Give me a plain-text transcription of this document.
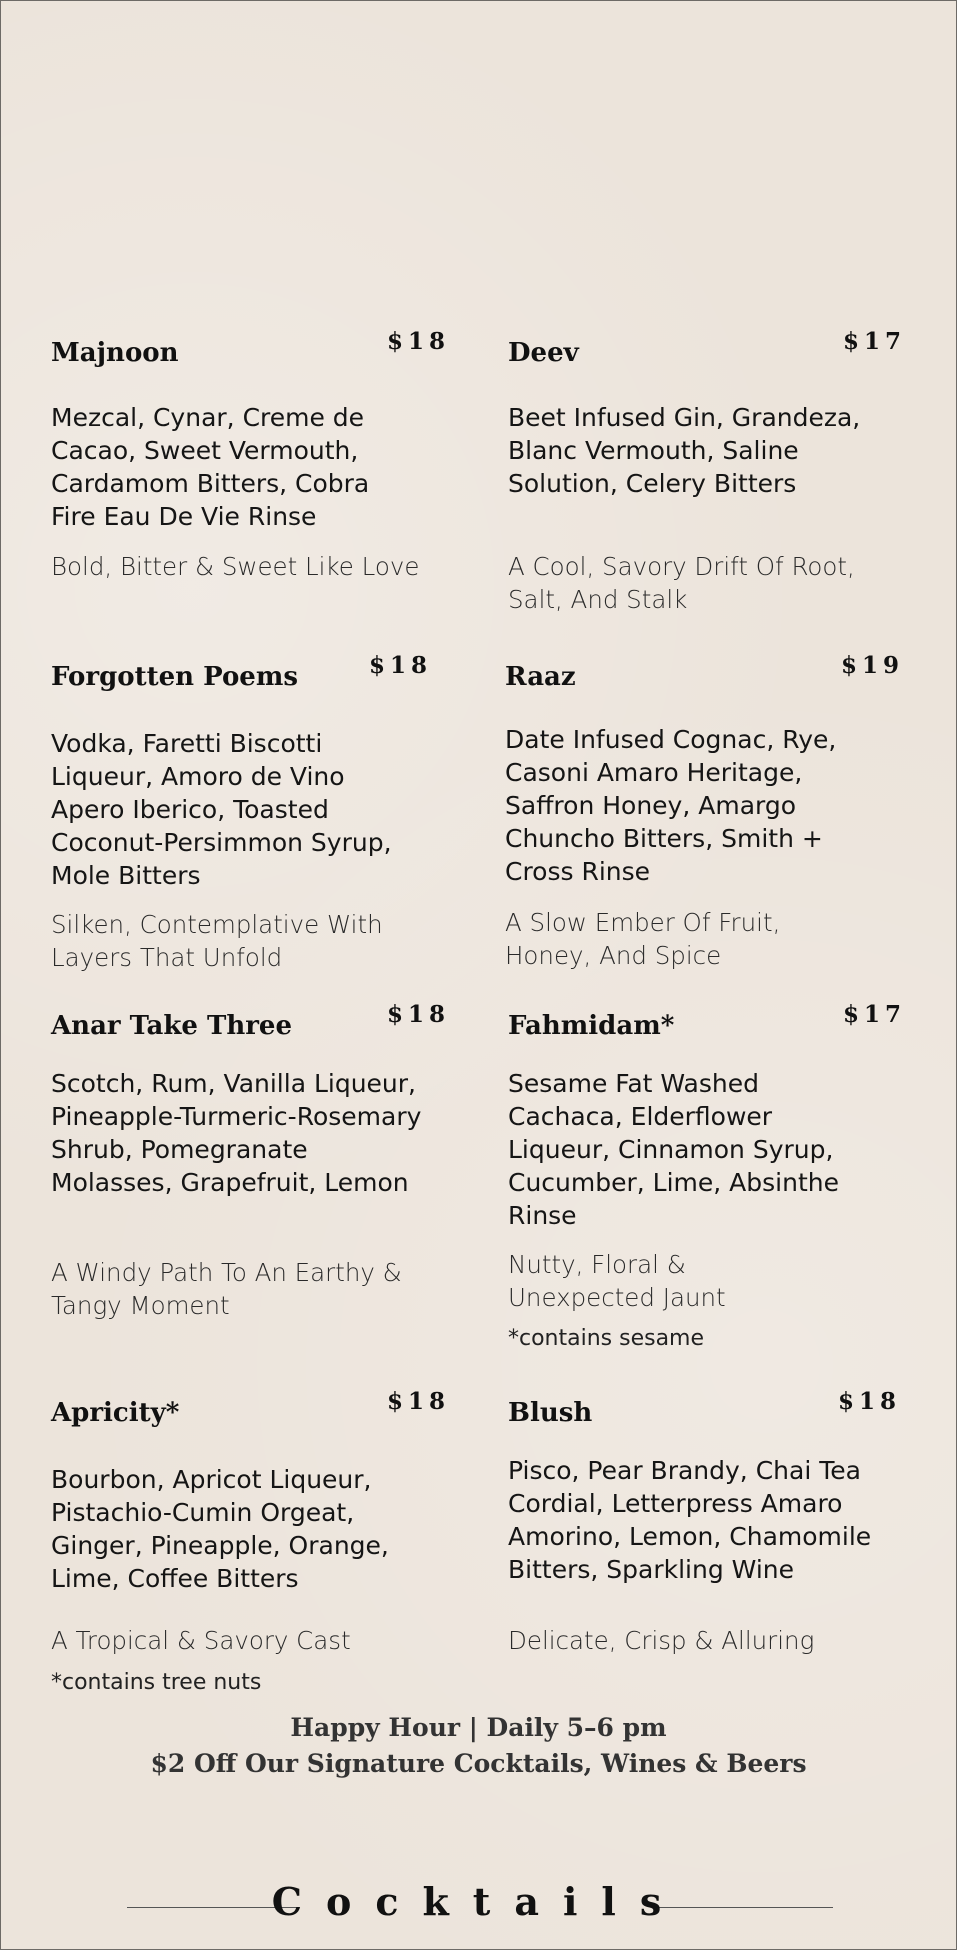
Majnoon	$18
Mezcal, Cynar, Creme de Cacao, Sweet Vermouth, Cardamom Bitters, Cobra Fire Eau De Vie Rinse
Bold, Bitter & Sweet Like Love
Deev	$17
Beet Infused Gin, Grandeza, Blanc Vermouth, Saline Solution, Celery Bitters
A Cool, Savory Drift Of Root, Salt, And Stalk
Forgotten Poems	$18
Vodka, Faretti Biscotti Liqueur, Amoro de Vino Apero Iberico, Toasted Coconut-Persimmon Syrup, Mole Bitters
Silken, Contemplative With Layers That Unfold
Raaz	$19
Date Infused Cognac, Rye, Casoni Amaro Heritage, Saffron Honey, Amargo Chuncho Bitters, Smith + Cross Rinse
A Slow Ember Of Fruit, Honey, And Spice
Anar Take Three	$18
Scotch, Rum, Vanilla Liqueur, Pineapple-Turmeric-Rosemary Shrub, Pomegranate Molasses, Grapefruit, Lemon
A Windy Path To An Earthy & Tangy Moment
Fahmidam*	$17
Sesame Fat Washed Cachaca, Elderflower Liqueur, Cinnamon Syrup, Cucumber, Lime, Absinthe Rinse
Nutty, Floral & Unexpected Jaunt
*contains sesame
Apricity*	$18
Bourbon, Apricot Liqueur, Pistachio-Cumin Orgeat, Ginger, Pineapple, Orange, Lime, Coffee Bitters
A Tropical & Savory Cast
*contains tree nuts
Blush	$18
Pisco, Pear Brandy, Chai Tea Cordial, Letterpress Amaro Amorino, Lemon, Chamomile Bitters, Sparkling Wine
Delicate, Crisp & Alluring
Happy Hour | Daily 5–6 pm
$2 Off Our Signature Cocktails, Wines & Beers
Cocktails
